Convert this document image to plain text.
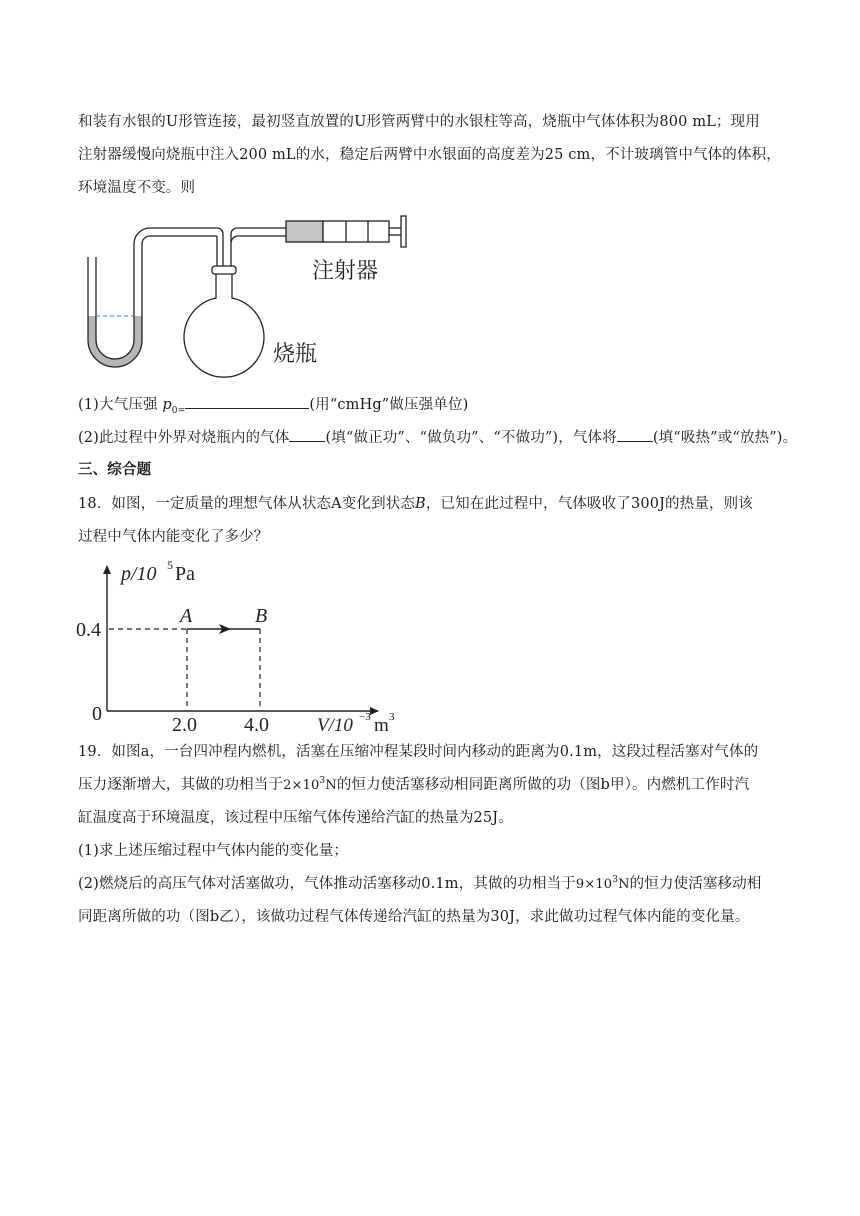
和装有水银的U形管连接，最初竖直放置的U形管两臂中的水银柱等高，烧瓶中气体体积为800 mL；现用
注射器缓慢向烧瓶中注入200 mL的水，稳定后两臂中水银面的高度差为25 cm，不计玻璃管中气体的体积，
环境温度不变。则
注射器
烧瓶
(1)大气压强 $p_{0=}$	(用“cmHg”做压强单位)
(2)此过程中外界对烧瓶内的气体 (填“做正功”、“做负功”、“不做功”)，气体将 (填“吸热”或“放热”)。
三、综合题
18．如图，一定质量的理想气体从状态A变化到状态B，已知在此过程中，气体吸收了300J的热量，则该
过程中气体内能变化了多少？
p/10 5 Pa
V/10 −3 m 3
0
0.4
2.0 4.0
A	B
19．如图a，一台四冲程内燃机，活塞在压缩冲程某段时间内移动的距离为0.1m，这段过程活塞对气体的
压力逐渐增大，其做的功相当于$2\times 10^3N$的恒力使活塞移动相同距离所做的功（图b甲）。内燃机工作时汽
缸温度高于环境温度，该过程中压缩气体传递给汽缸的热量为25J。
(1)求上述压缩过程中气体内能的变化量；
(2)燃烧后的高压气体对活塞做功，气体推动活塞移动0.1m，其做的功相当于$9\times 10^3N$的恒力使活塞移动相
同距离所做的功（图b乙），该做功过程气体传递给汽缸的热量为30J，求此做功过程气体内能的变化量。
